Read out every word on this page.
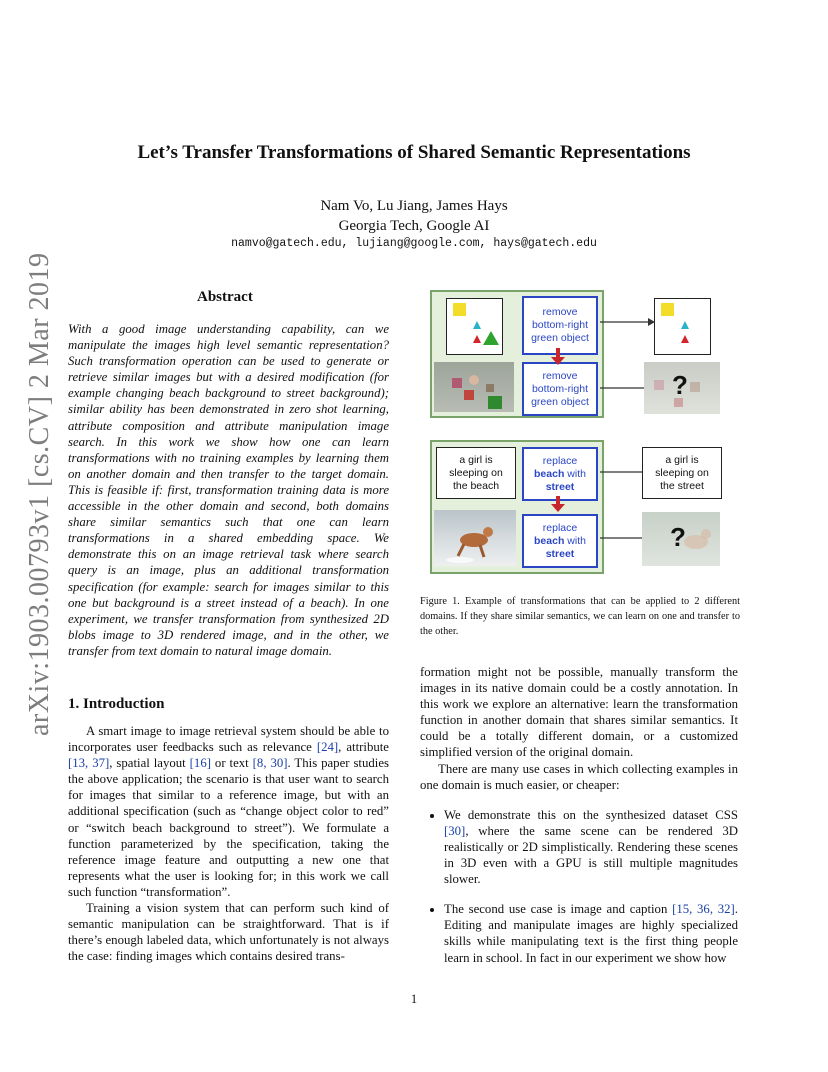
Let’s Transfer Transformations of Shared Semantic Representations
Nam Vo, Lu Jiang, James Hays
Georgia Tech, Google AI
namvo@gatech.edu, lujiang@google.com, hays@gatech.edu
arXiv:1903.00793v1 [cs.CV] 2 Mar 2019	Abstract
With a good image understanding capability, can we manipulate the images high level semantic representation? Such transformation operation can be used to generate or retrieve similar images but with a desired modification (for example changing beach background to street background); similar ability has been demonstrated in zero shot learning, attribute composition and attribute manipulation image search. In this work we show how one can learn transformations with no training examples by learning them on another domain and then transfer to the target domain. This is feasible if: first, transformation training data is more accessible in the other domain and second, both domains share similar semantics such that one can learn transformations in a shared embedding space. We demonstrate this on an image retrieval task where search query is an image, plus an additional transformation specification (for example: search for images similar to this one but background is a street instead of a beach). In one experiment, we transfer transformation from synthesized 2D blobs image to 3D rendered image, and in the other, we transfer from text domain to natural image domain.
1. Introduction

A smart image to image retrieval system should be able to incorporates user feedbacks such as relevance [24], attribute [13, 37], spatial layout [16] or text [8, 30]. This paper studies the above application; the scenario is that user want to search for images that similar to a reference image, but with an additional specification (such as “change object color to red” or “switch beach background to street”). We formulate a function parameterized by the specification, taking the reference image feature and outputting a new one that represents what the user is looking for; in this work we call such function “transformation”.

Training a vision system that can perform such kind of semantic manipulation can be straightforward. That is if there’s enough labeled data, which unfortunately is not always the case: finding images which contains desired trans-

remove
bottom-right
green object
remove
bottom-right
green object
?
a girl is
sleeping on
the beach
replace
beach with
street
replace
beach with
street
a girl is
sleeping on
the street
?
Figure 1. Example of transformations that can be applied to 2 different domains. If they share similar semantics, we can learn on one and transfer to the other.

formation might not be possible, manually transform the images in its native domain could be a costly annotation. In this work we explore an alternative: learn the transformation function in another domain that shares similar semantics. It could be a totally different domain, or a customized simplified version of the original domain.

There are many use cases in which collecting examples in one domain is much easier, or cheaper:

• We demonstrate this on the synthesized dataset CSS [30], where the same scene can be rendered 3D realistically or 2D simplistically. Rendering these scenes in 3D even with a GPU is still multiple magnitudes slower.
• The second use case is image and caption [15, 36, 32]. Editing and manipulate images are highly specialized skills while manipulating text is the first thing people learn in school. In fact in our experiment we show how
1
